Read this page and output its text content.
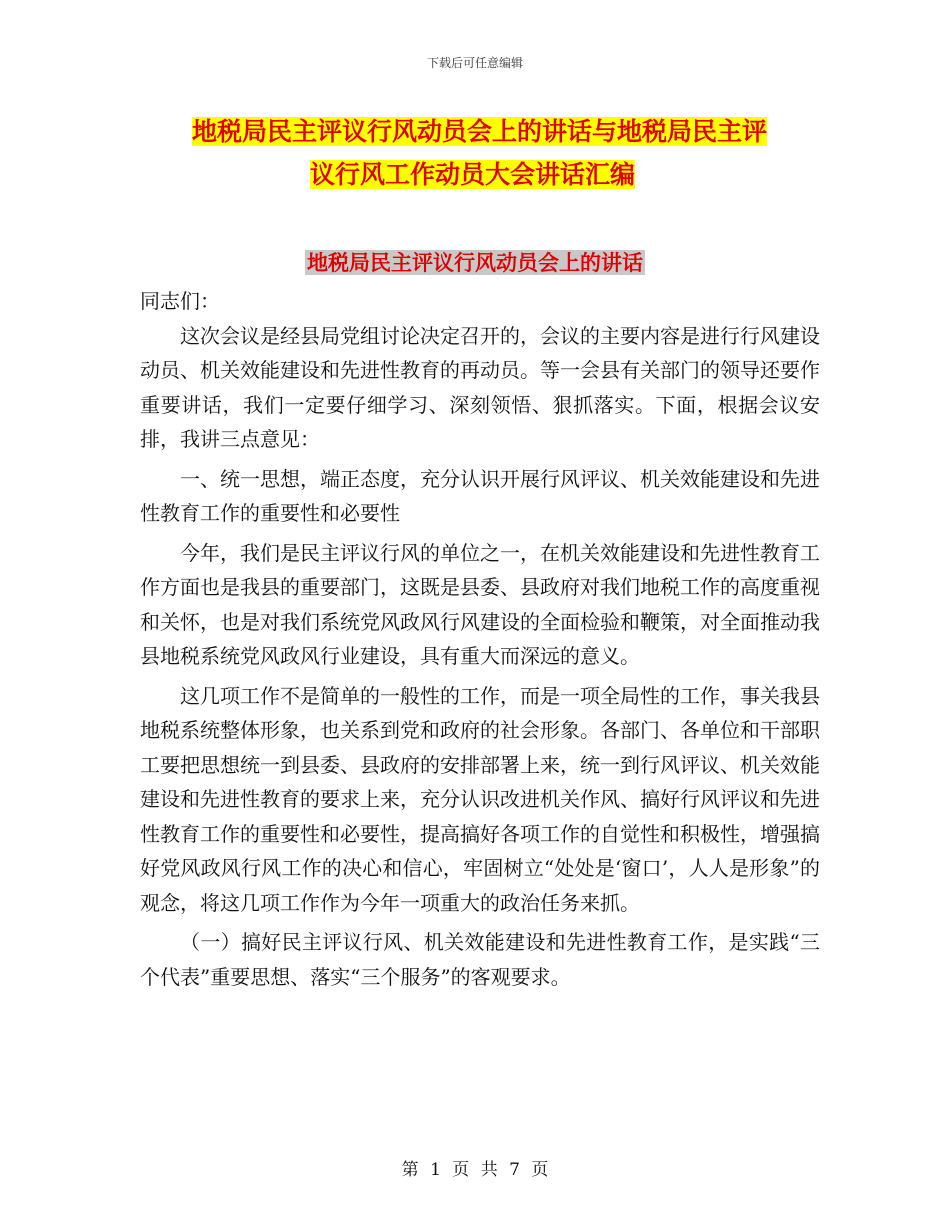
下载后可任意编辑
地税局民主评议行风动员会上的讲话与地税局民主评
议行风工作动员大会讲话汇编
地税局民主评议行风动员会上的讲话

同志们：

这次会议是经县局党组讨论决定召开的，会议的主要内容是进行行风建设动员、机关效能建设和先进性教育的再动员。等一会县有关部门的领导还要作重要讲话，我们一定要仔细学习、深刻领悟、狠抓落实。下面，根据会议安排，我讲三点意见：

一、统一思想，端正态度，充分认识开展行风评议、机关效能建设和先进性教育工作的重要性和必要性

今年，我们是民主评议行风的单位之一，在机关效能建设和先进性教育工作方面也是我县的重要部门，这既是县委、县政府对我们地税工作的高度重视和关怀，也是对我们系统党风政风行风建设的全面检验和鞭策，对全面推动我县地税系统党风政风行业建设，具有重大而深远的意义。

这几项工作不是简单的一般性的工作，而是一项全局性的工作，事关我县地税系统整体形象，也关系到党和政府的社会形象。各部门、各单位和干部职工要把思想统一到县委、县政府的安排部署上来，统一到行风评议、机关效能建设和先进性教育的要求上来，充分认识改进机关作风、搞好行风评议和先进性教育工作的重要性和必要性，提高搞好各项工作的自觉性和积极性，增强搞好党风政风行风工作的决心和信心，牢固树立“处处是‘窗口’，人人是形象”的观念，将这几项工作作为今年一项重大的政治任务来抓。

（一）搞好民主评议行风、机关效能建设和先进性教育工作，是实践“三个代表”重要思想、落实“三个服务”的客观要求。

第 1 页 共 7 页
